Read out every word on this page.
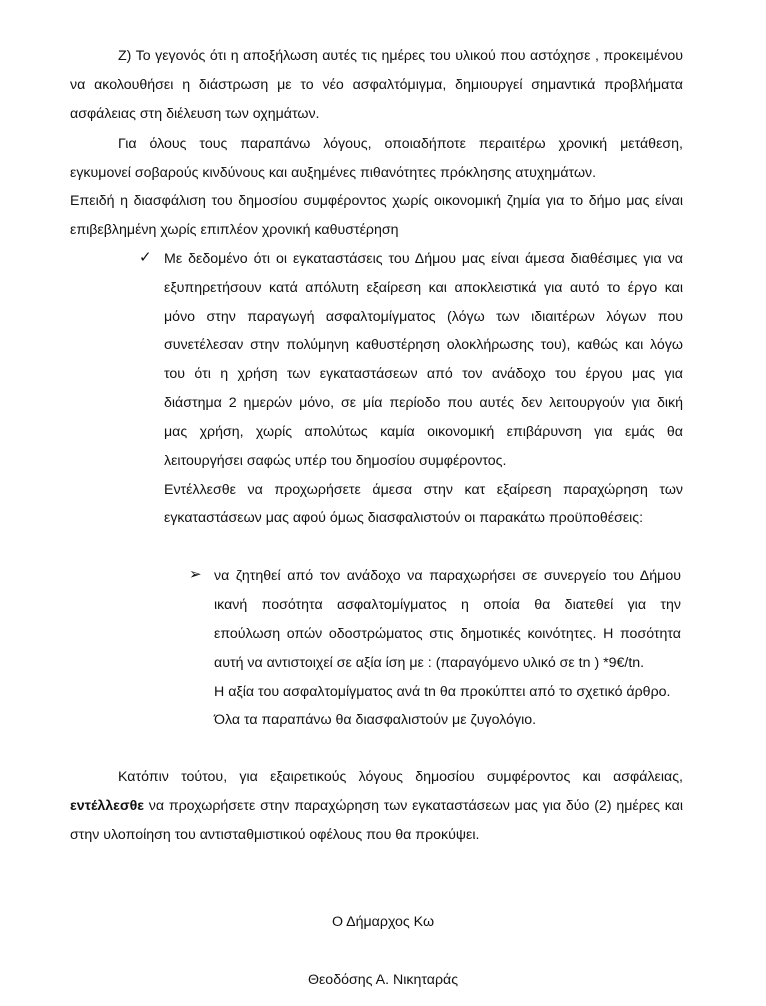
Ζ) Το γεγονός ότι η αποξήλωση αυτές τις ημέρες του υλικού που αστόχησε , προκειμένου
να ακολουθήσει η διάστρωση με το νέο ασφαλτόμιγμα, δημιουργεί σημαντικά προβλήματα
ασφάλειας στη διέλευση των οχημάτων.
Για όλους τους παραπάνω λόγους, οποιαδήποτε περαιτέρω χρονική μετάθεση,
εγκυμονεί σοβαρούς κινδύνους και αυξημένες πιθανότητες πρόκλησης ατυχημάτων.
Επειδή η διασφάλιση του δημοσίου συμφέροντος χωρίς οικονομική ζημία για το δήμο μας είναι
επιβεβλημένη χωρίς επιπλέον χρονική καθυστέρηση
✓ Με δεδομένο ότι οι εγκαταστάσεις του Δήμου μας είναι άμεσα διαθέσιμες για να
εξυπηρετήσουν κατά απόλυτη εξαίρεση και αποκλειστικά για αυτό το έργο και
μόνο στην παραγωγή ασφαλτομίγματος (λόγω των ιδιαιτέρων λόγων που
συνετέλεσαν στην πολύμηνη καθυστέρηση ολοκλήρωσης του), καθώς και λόγω
του ότι η χρήση των εγκαταστάσεων από τον ανάδοχο του έργου μας για
διάστημα 2 ημερών μόνο, σε μία περίοδο που αυτές δεν λειτουργούν για δική
μας χρήση, χωρίς απολύτως καμία οικονομική επιβάρυνση για εμάς θα
λειτουργήσει σαφώς υπέρ του δημοσίου συμφέροντος.
Εντέλλεσθε να προχωρήσετε άμεσα στην κατ εξαίρεση παραχώρηση των
εγκαταστάσεων μας αφού όμως διασφαλιστούν οι παρακάτω προϋποθέσεις:
➢ να ζητηθεί από τον ανάδοχο να παραχωρήσει σε συνεργείο του Δήμου
ικανή ποσότητα ασφαλτομίγματος η οποία θα διατεθεί για την
επούλωση οπών οδοστρώματος στις δημοτικές κοινότητες. Η ποσότητα
αυτή να αντιστοιχεί σε αξία ίση με : (παραγόμενο υλικό σε tn ) *9€/tn.
Η αξία του ασφαλτομίγματος ανά tn θα προκύπτει από το σχετικό άρθρο.
Όλα τα παραπάνω θα διασφαλιστούν με ζυγολόγιο.
Κατόπιν τούτου, για εξαιρετικούς λόγους δημοσίου συμφέροντος και ασφάλειας,
εντέλλεσθε να προχωρήσετε στην παραχώρηση των εγκαταστάσεων μας για δύο (2) ημέρες και
στην υλοποίηση του αντισταθμιστικού οφέλους που θα προκύψει.
Ο Δήμαρχος Κω
Θεοδόσης Α. Νικηταράς
